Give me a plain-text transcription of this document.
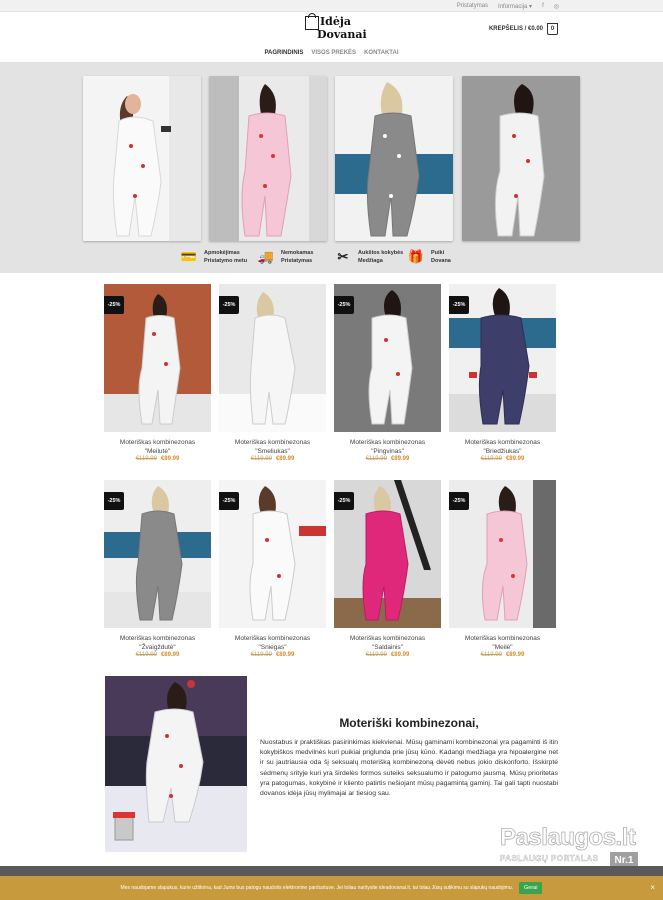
Pristatymas Informacija ▾ f ◎
Idėja
Dovanai	KREPŠELIS / €0.00	0
PAGRINDINIS VISOS PREKĖS KONTAKTAI
💳 Apmokėjimas
Pristatymo metu 🚚 Nemokamas
Pristatymas ✂	Aukštos kokybės
Medžiaga	🎁 Puiki
Dovana
-25%
Moteriškas kombinezonas
"Meilutė"
€119.99 €89.99
-25%
Moteriškas kombinezonas
"Smeliukas"
€119.99 €89.99
-25%
Moteriškas kombinezonas
"Pingvinas"
€119.99 €89.99
-25%
Moteriškas kombinezonas
"Briedžiukas"
€119.99 €89.99
-25%
Moteriškas kombinezonas
"Žvaigždutė"
€119.99 €89.99
-25%
Moteriškas kombinezonas
"Sniegas"
€119.99 €89.99
-25%
Moteriškas kombinezonas
"Saldainis"
€119.99 €89.99
-25%
Moteriškas kombinezonas
"Meilė"
€119.99 €89.99
Moteriški kombinezonai,
Nuostabus ir praktiškas pasirinkimas kiekvienai. Mūsų gaminami kombinezonai yra pagaminti iš itin kokybiškos medvilnės kuri puikiai priglunda prie jūsų kūno. Kadangi medžiaga yra hipoalergine net ir su jautriausia oda šį seksualų moterišką kombinezoną dėvėti nebus jokio diskonforto. Išskirptė sėdmenų srityje kuri yra širdelės formos suteiks seksualumo ir patogumo jausmą. Mūsų prioritetas yra patogumas, kokybinė ir kliento patirtis nešiojant mūsų pagamintą gaminį. Tai gali tapti nuostabi dovanos idėja jūsų mylimajai ar tiesiog sau.
Paslaugos.lt
PASLAUGŲ PORTALAS	Nr.1
Mes naudojame slapukus, kurie užtikrina, kad Jums bus patogu naudotis elektronine parduotuve. Jei toliau naršysite ideadovanai.lt, tai tolau Jūsų sutikimu su slapukų naudojimu.	Gerai	×
